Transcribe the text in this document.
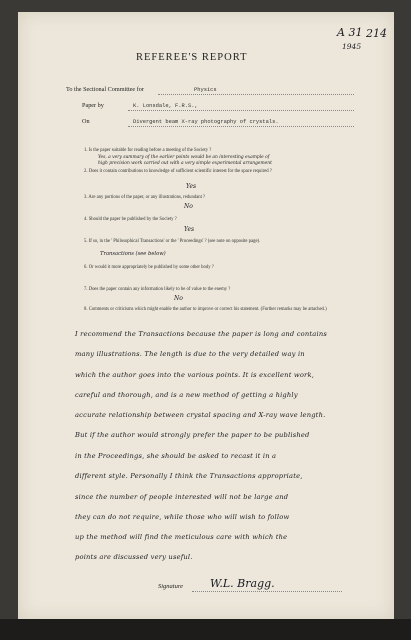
A 31
1945
214
REFEREE'S REPORT
To the Sectional Committee for	Physics
Paper by	K. Lonsdale, F.R.S.,
On	Divergent beam X-ray photography of crystals.
1. Is the paper suitable for reading before a meeting of the Society ?
Yes, a very summary of the earlier points would be an interesting example of
high precision work carried out with a very simple experimental arrangement
2. Does it contain contributions to knowledge of sufficient scientific interest for the space required ?
Yes
3. Are any portions of the paper, or any illustrations, redundant ?
No
4. Should the paper be published by the Society ?
Yes
5. If so, in the ' Philosophical Transactions' or the ' Proceedings' ? (see note on opposite page).
Transactions (see below)
6. Or would it more appropriately be published by some other body ?
7. Does the paper contain any information likely to be of value to the enemy ?
No
8. Comments or criticisms which might enable the author to improve or correct his statement. (Further remarks may be attached.)
I recommend the Transactions because the paper is long and contains
many illustrations. The length is due to the very detailed way in
which the author goes into the various points. It is excellent work,
careful and thorough, and is a new method of getting a highly
accurate relationship between crystal spacing and X-ray wave length.
But if the author would strongly prefer the paper to be published
in the Proceedings, she should be asked to recast it in a
different style. Personally I think the Transactions appropriate,
since the number of people interested will not be large and
they can do not require, while those who will wish to follow
up the method will find the meticulous care with which the
points are discussed very useful.
Signature W.L. Bragg.
